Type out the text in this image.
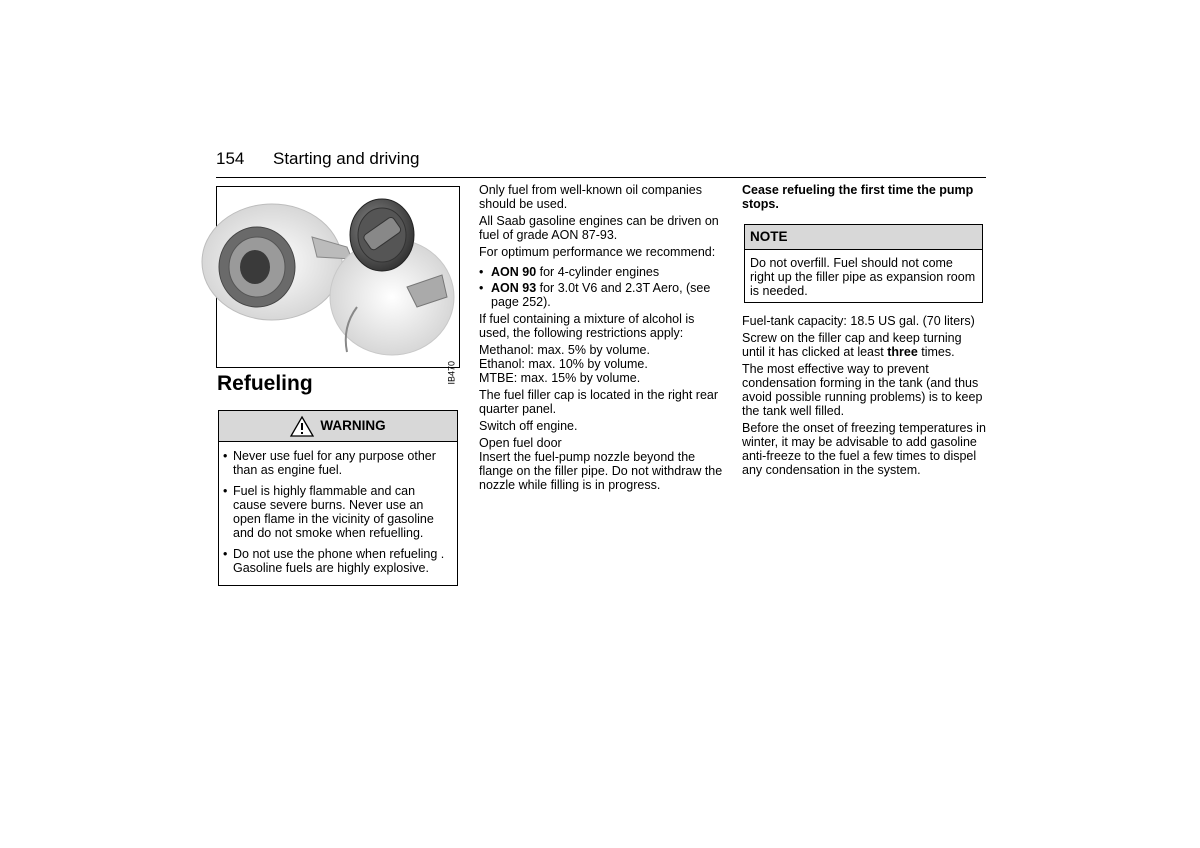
154 Starting and driving
IB470
Refueling
WARNING
• Never use fuel for any purpose other than as engine fuel.
• Fuel is highly flammable and can cause severe burns. Never use an open flame in the vicinity of gasoline and do not smoke when refuelling.
• Do not use the phone when refueling . Gasoline fuels are highly explosive.

Only fuel from well-known oil companies should be used.

All Saab gasoline engines can be driven on fuel of grade AON 87-93.

For optimum performance we recommend:

• AON 90 for 4-cylinder engines
• AON 93 for 3.0t V6 and 2.3T Aero, (see page 252).

If fuel containing a mixture of alcohol is used, the following restrictions apply:

Methanol: max. 5% by volume.

Ethanol: max. 10% by volume.

MTBE: max. 15% by volume.

The fuel filler cap is located in the right rear quarter panel.

Switch off engine.

Open fuel door

Insert the fuel-pump nozzle beyond the flange on the filler pipe. Do not withdraw the nozzle while filling is in progress.

Cease refueling the first time the pump stops.

NOTE
Do not overfill. Fuel should not come right up the filler pipe as expansion room is needed.

Fuel-tank capacity: 18.5 US gal. (70 liters)

Screw on the filler cap and keep turning until it has clicked at least three times.

The most effective way to prevent condensation forming in the tank (and thus avoid possible running problems) is to keep the tank well filled.

Before the onset of freezing temperatures in winter, it may be advisable to add gasoline anti-freeze to the fuel a few times to dispel any condensation in the system.
